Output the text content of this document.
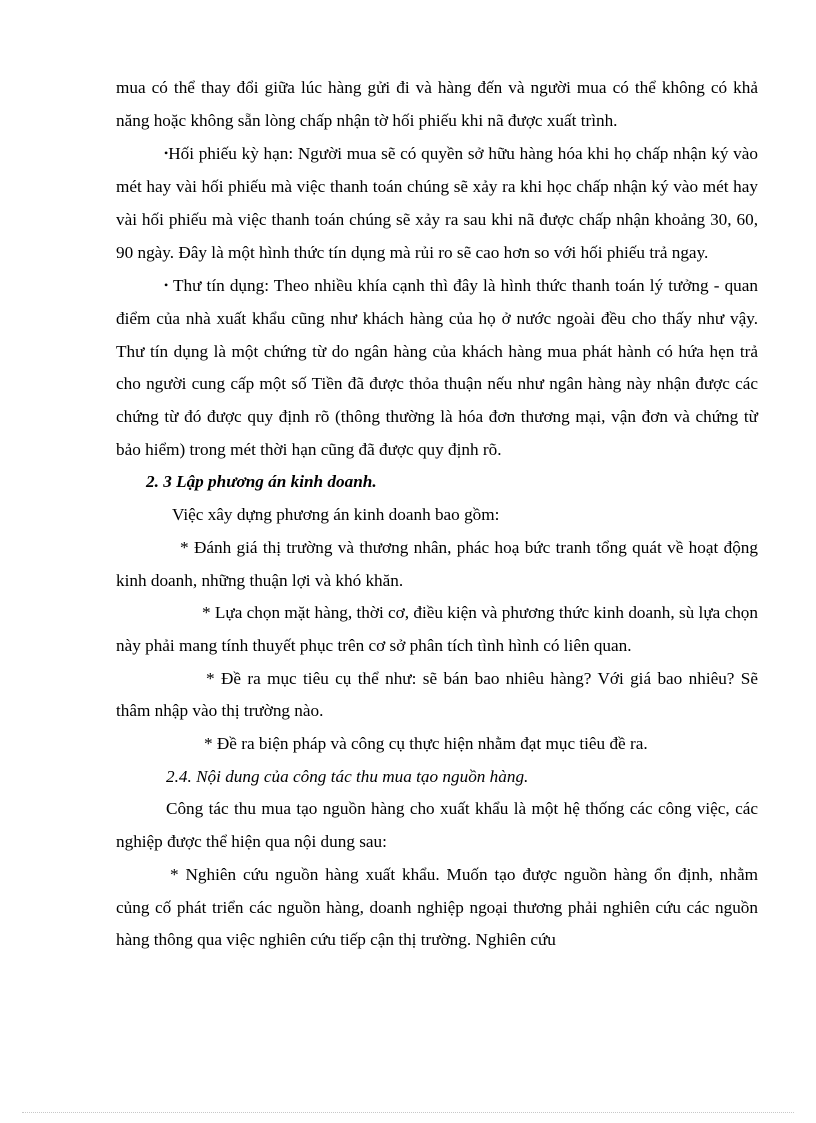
mua có thể thay đổi giữa lúc hàng gửi đi và hàng đến và người mua có thể không có khả năng hoặc không sẵn lòng chấp nhận tờ hối phiếu khi nã được xuất trình.

•Hối phiếu kỳ hạn: Người mua sẽ có quyền sở hữu hàng hóa khi họ chấp nhận ký vào mét hay vài hối phiếu mà việc thanh toán chúng sẽ xảy ra khi học chấp nhận ký vào mét hay vài hối phiếu mà việc thanh toán chúng sẽ xảy ra sau khi nã được chấp nhận khoảng 30, 60, 90 ngày. Đây là một hình thức tín dụng mà rủi ro sẽ cao hơn so với hối phiếu trả ngay.

• Thư tín dụng: Theo nhiều khía cạnh thì đây là hình thức thanh toán lý tưởng - quan điểm của nhà xuất khẩu cũng như khách hàng của họ ở nước ngoài đều cho thấy như vậy. Thư tín dụng là một chứng từ do ngân hàng của khách hàng mua phát hành có hứa hẹn trả cho người cung cấp một số Tiền đã được thỏa thuận nếu như ngân hàng này nhận được các chứng từ đó được quy định rõ (thông thường là hóa đơn thương mại, vận đơn và chứng từ bảo hiểm) trong mét thời hạn cũng đã được quy định rõ.

2. 3 Lập phương án kinh doanh.

Việc xây dựng phương án kinh doanh bao gồm:

* Đánh giá thị trường và thương nhân, phác hoạ bức tranh tổng quát về hoạt động kinh doanh, những thuận lợi và khó khăn.

* Lựa chọn mặt hàng, thời cơ, điều kiện và phương thức kinh doanh, sù lựa chọn này phải mang tính thuyết phục trên cơ sở phân tích tình hình có liên quan.

* Đề ra mục tiêu cụ thể như: sẽ bán bao nhiêu hàng? Với giá bao nhiêu? Sẽ thâm nhập vào thị trường nào.

* Đề ra biện pháp và công cụ thực hiện nhằm đạt mục tiêu đề ra.

2.4. Nội dung của công tác thu mua tạo nguồn hàng.

Công tác thu mua tạo nguồn hàng cho xuất khẩu là một hệ thống các công việc, các nghiệp được thể hiện qua nội dung sau:

* Nghiên cứu nguồn hàng xuất khẩu. Muốn tạo được nguồn hàng ổn định, nhằm củng cố phát triển các nguồn hàng, doanh nghiệp ngoại thương phải nghiên cứu các nguồn hàng thông qua việc nghiên cứu tiếp cận thị trường. Nghiên cứu
